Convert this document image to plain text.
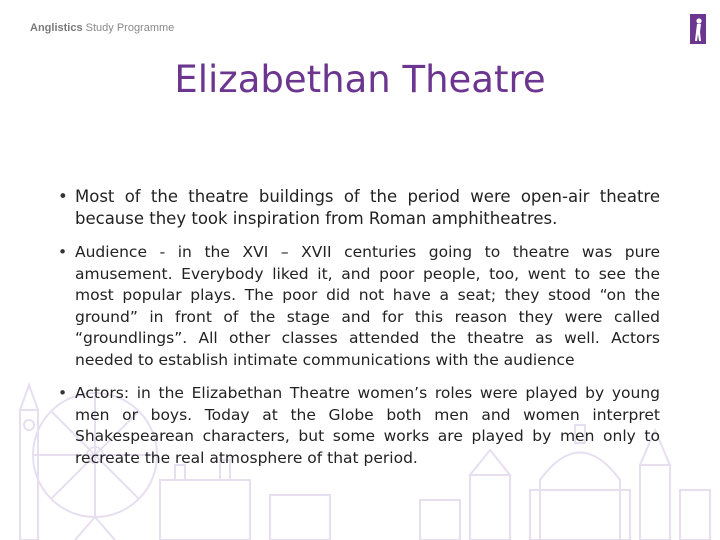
Anglistics Study Programme
Elizabethan Theatre
• Most of the theatre buildings of the period were open-air theatre because they took inspiration from Roman amphitheatres.
• Audience - in the XVI – XVII centuries going to theatre was pure amusement. Everybody liked it, and poor people, too, went to see the most popular plays. The poor did not have a seat; they stood “on the ground” in front of the stage and for this reason they were called “groundlings”. All other classes attended the theatre as well. Actors needed to establish intimate communications with the audience
• Actors: in the Elizabethan Theatre women’s roles were played by young men or boys. Today at the Globe both men and women interpret Shakespearean characters, but some works are played by men only to recreate the real atmosphere of that period.
